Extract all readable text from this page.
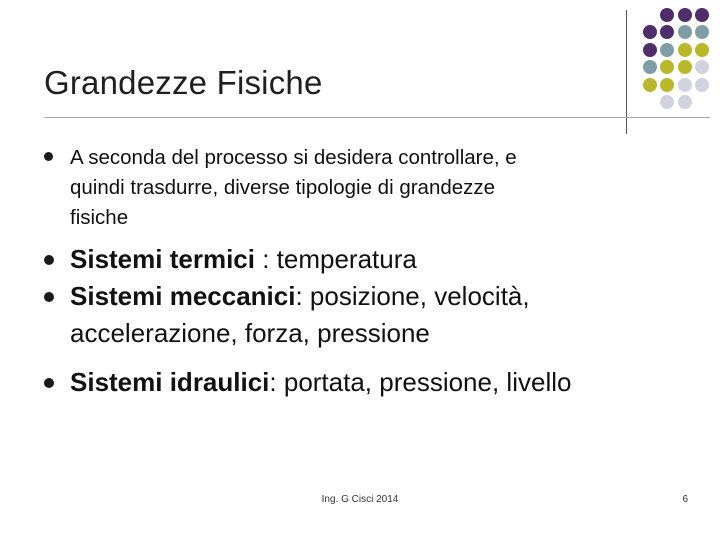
Grandezze Fisiche
A seconda del processo si desidera controllare, e
quindi trasdurre, diverse tipologie di grandezze
fisiche
Sistemi termici : temperatura
Sistemi meccanici: posizione, velocità,
accelerazione, forza, pressione
Sistemi idraulici: portata, pressione, livello
Ing. G Cisci 2014	6
